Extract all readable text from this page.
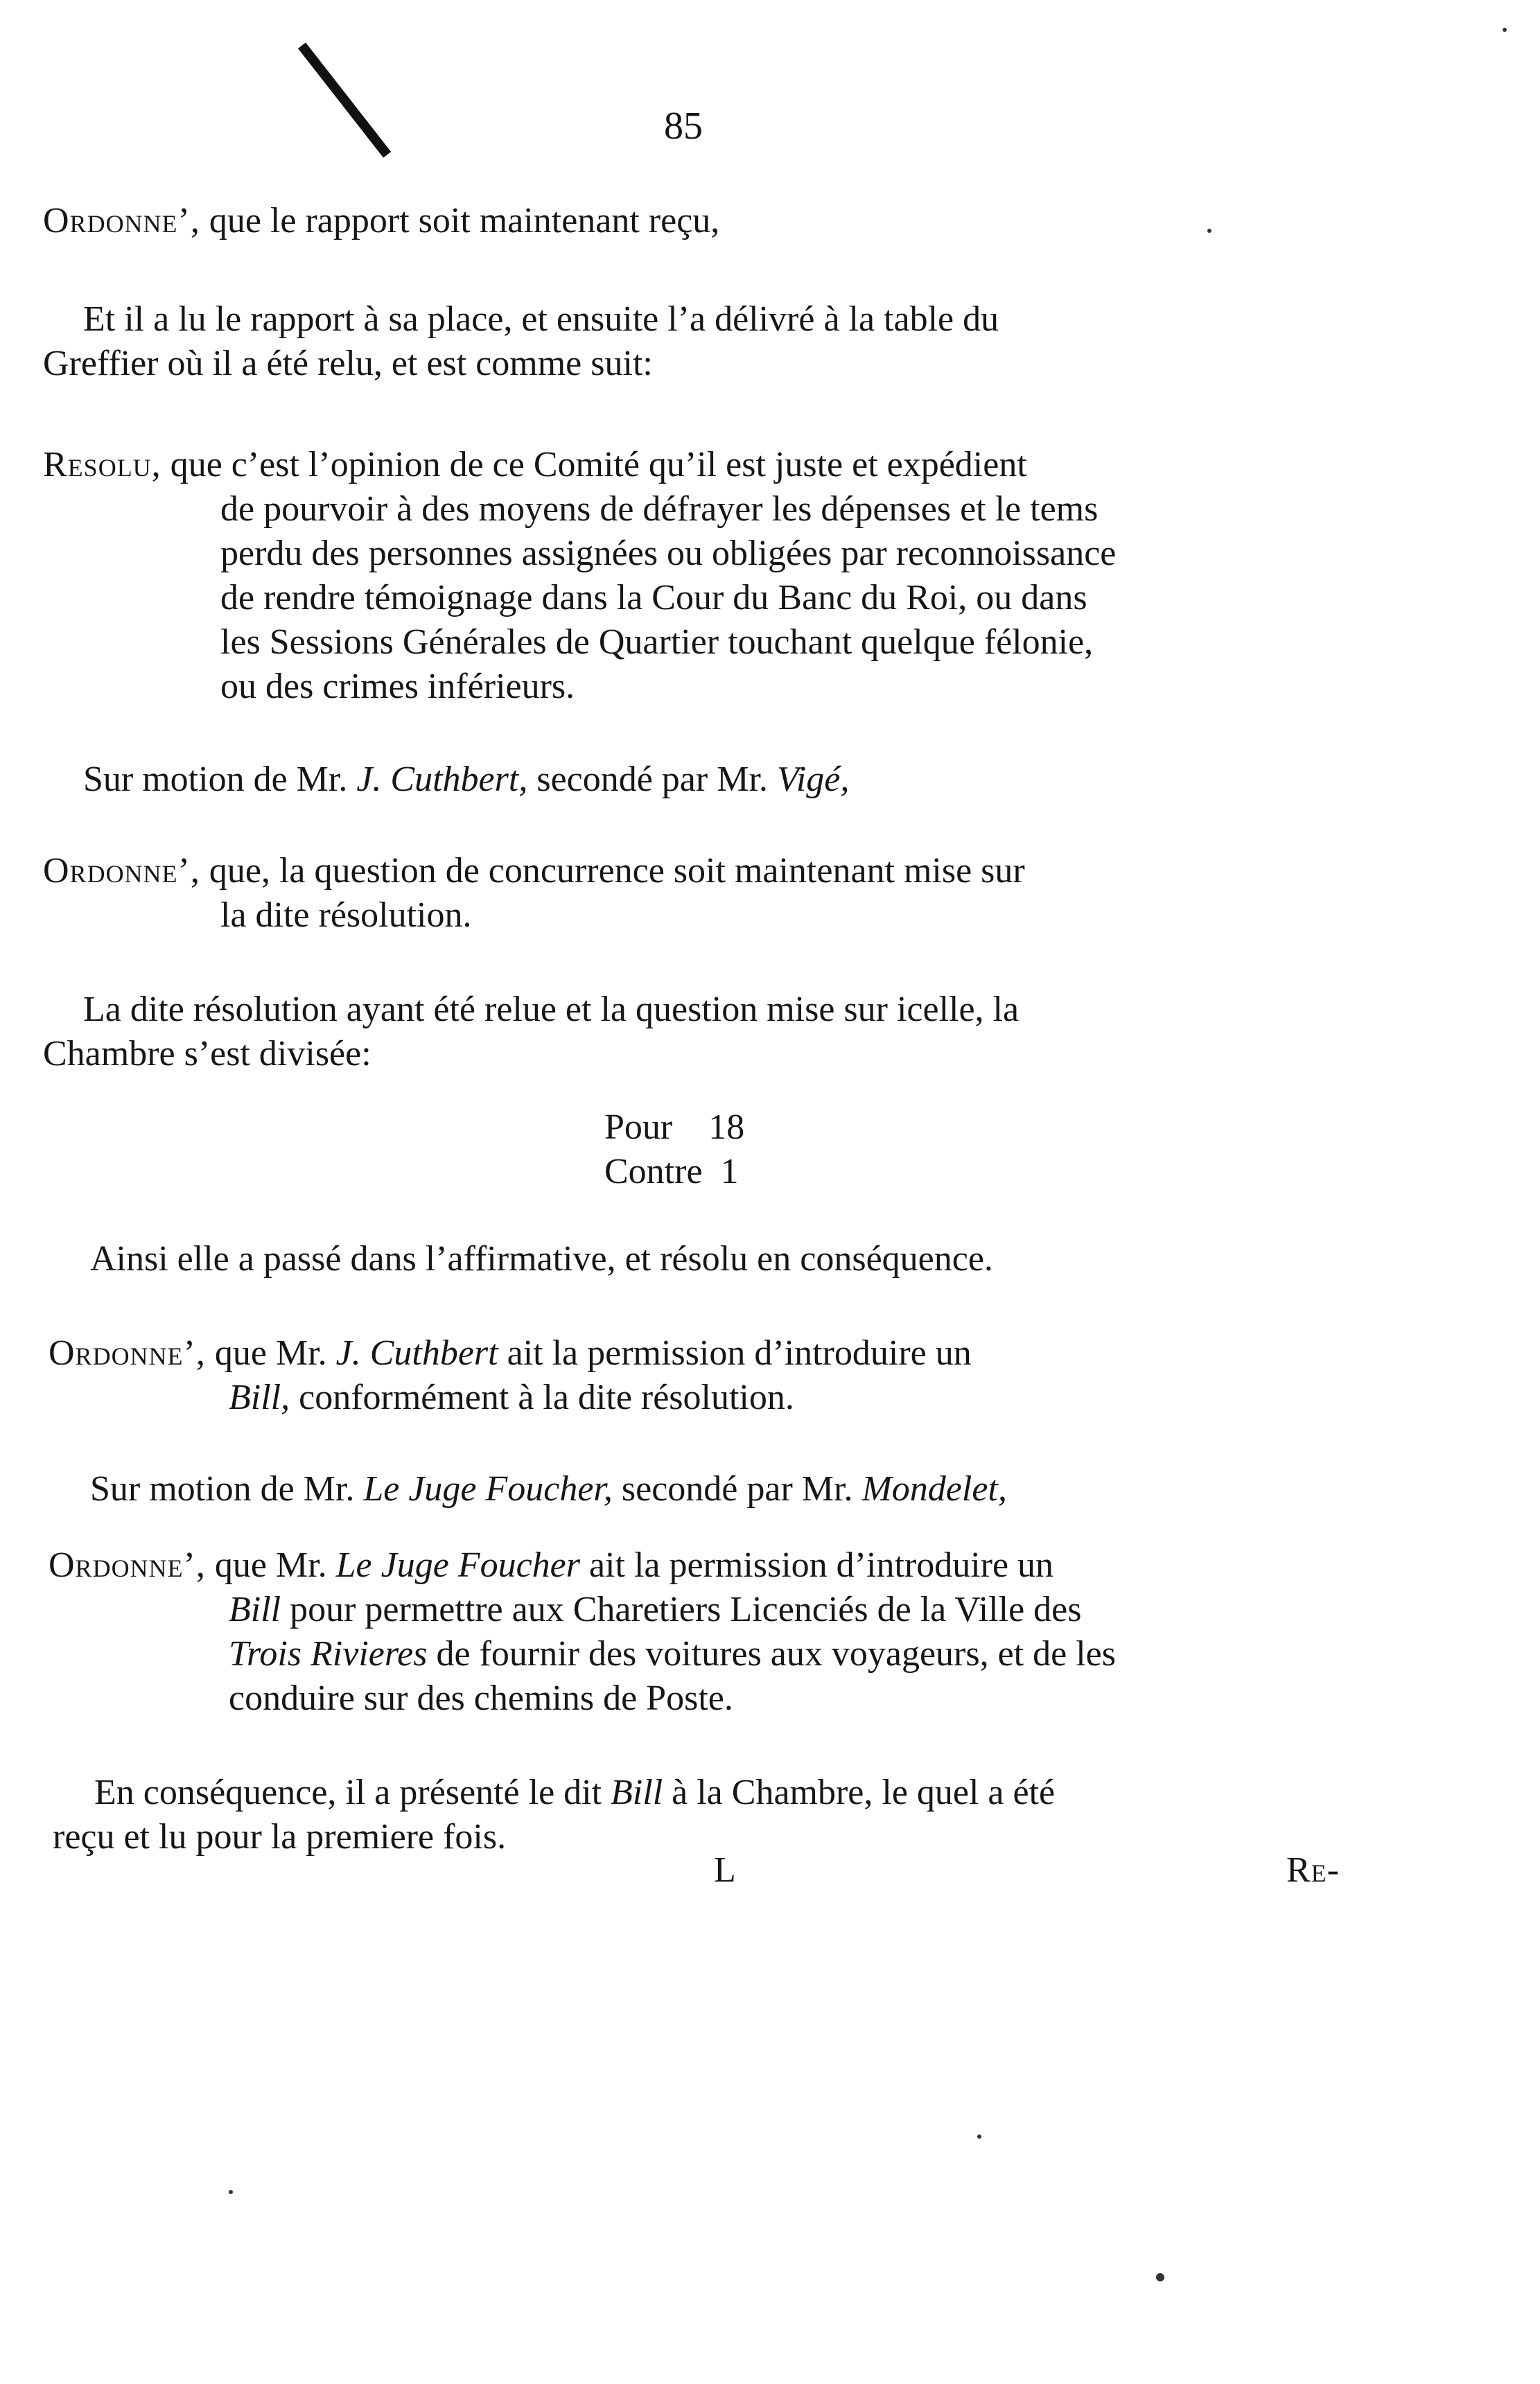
85
Ordonne’, que le rapport soit maintenant reçu,
Et il a lu le rapport à sa place, et ensuite l’a délivré à la table du
Greffier où il a été relu, et est comme suit:
Resolu, que c’est l’opinion de ce Comité qu’il est juste et expédient
de pourvoir à des moyens de défrayer les dépenses et le tems
perdu des personnes assignées ou obligées par reconnoissance
de rendre témoignage dans la Cour du Banc du Roi, ou dans
les Sessions Générales de Quartier touchant quelque félonie,
ou des crimes inférieurs.
Sur motion de Mr. J. Cuthbert, secondé par Mr. Vigé,
Ordonne’, que, la question de concurrence soit maintenant mise sur
la dite résolution.
La dite résolution ayant été relue et la question mise sur icelle, la
Chambre s’est divisée:
Pour 18
Contre 1
Ainsi elle a passé dans l’affirmative, et résolu en conséquence.
Ordonne’, que Mr. J. Cuthbert ait la permission d’introduire un
Bill, conformément à la dite résolution.
Sur motion de Mr. Le Juge Foucher, secondé par Mr. Mondelet,
Ordonne’, que Mr. Le Juge Foucher ait la permission d’introduire un
Bill pour permettre aux Charetiers Licenciés de la Ville des
Trois Rivieres de fournir des voitures aux voyageurs, et de les
conduire sur des chemins de Poste.
En conséquence, il a présenté le dit Bill à la Chambre, le quel a été
reçu et lu pour la premiere fois.
L	Re-
